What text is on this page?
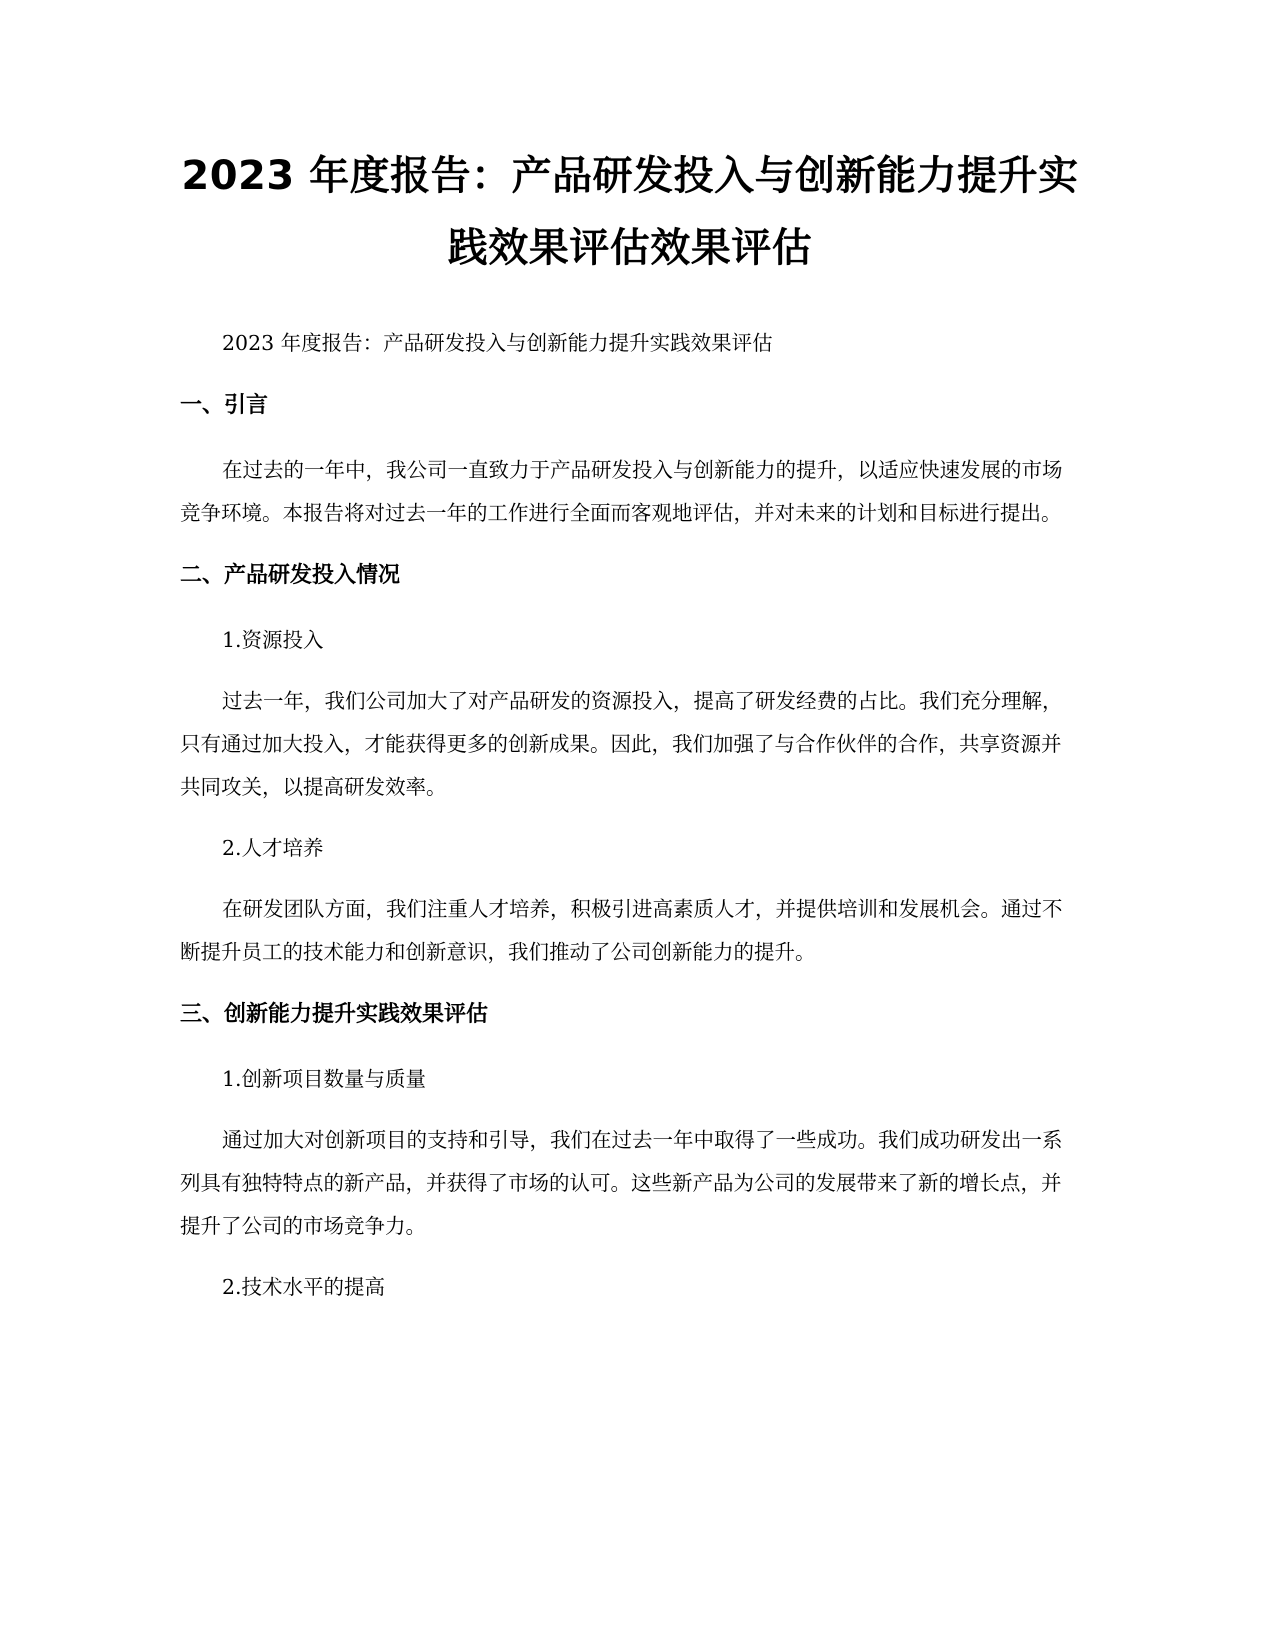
2023 年度报告：产品研发投入与创新能力提升实践效果评估效果评估

2023 年度报告：产品研发投入与创新能力提升实践效果评估

一、引言

在过去的一年中，我公司一直致力于产品研发投入与创新能力的提升，以适应快速发展的市场竞争环境。本报告将对过去一年的工作进行全面而客观地评估，并对未来的计划和目标进行提出。

二、产品研发投入情况

1.资源投入

过去一年，我们公司加大了对产品研发的资源投入，提高了研发经费的占比。我们充分理解，只有通过加大投入，才能获得更多的创新成果。因此，我们加强了与合作伙伴的合作，共享资源并共同攻关，以提高研发效率。

2.人才培养

在研发团队方面，我们注重人才培养，积极引进高素质人才，并提供培训和发展机会。通过不断提升员工的技术能力和创新意识，我们推动了公司创新能力的提升。

三、创新能力提升实践效果评估

1.创新项目数量与质量

通过加大对创新项目的支持和引导，我们在过去一年中取得了一些成功。我们成功研发出一系列具有独特特点的新产品，并获得了市场的认可。这些新产品为公司的发展带来了新的增长点，并提升了公司的市场竞争力。

2.技术水平的提高
